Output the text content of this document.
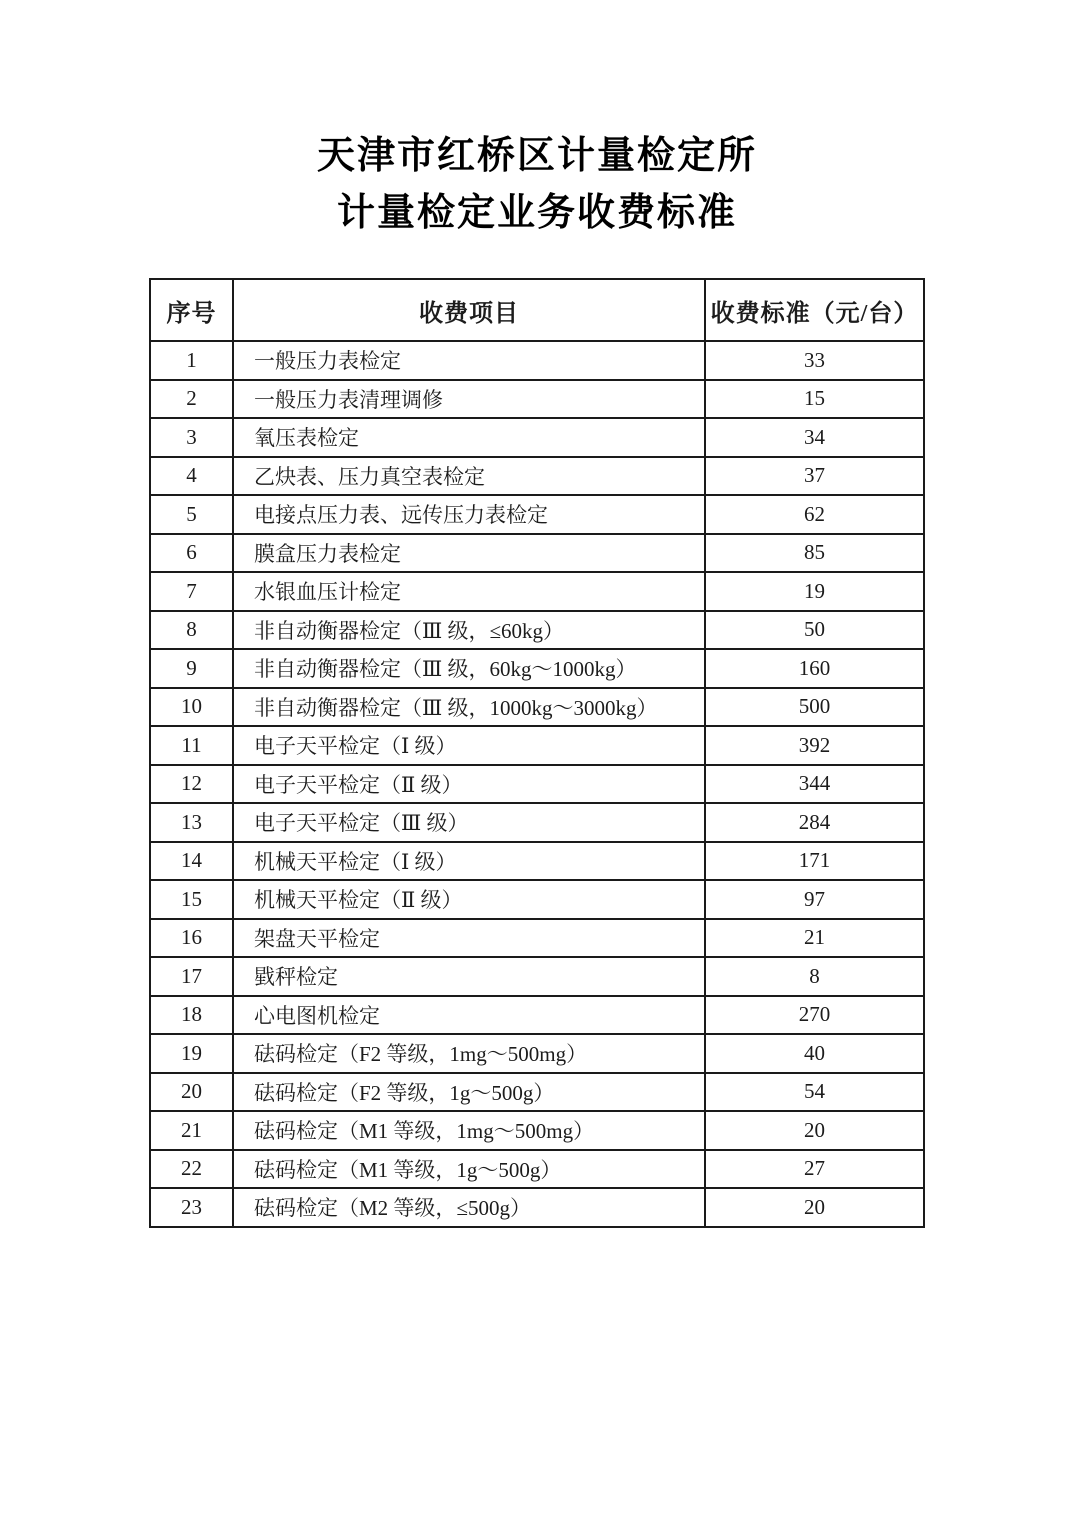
天津市红桥区计量检定所
计量检定业务收费标准
序号	收费项目	收费标准（元/台）
1	一般压力表检定	33
2	一般压力表清理调修	15
3	氧压表检定	34
4	乙炔表、压力真空表检定	37
5	电接点压力表、远传压力表检定	62
6	膜盒压力表检定	85
7	水银血压计检定	19
8	非自动衡器检定（Ⅲ 级，≤60kg）	50
9	非自动衡器检定（Ⅲ 级，60kg～1000kg）	160
10	非自动衡器检定（Ⅲ 级，1000kg～3000kg）	500
11	电子天平检定（Ⅰ 级）	392
12	电子天平检定（Ⅱ 级）	344
13	电子天平检定（Ⅲ 级）	284
14	机械天平检定（Ⅰ 级）	171
15	机械天平检定（Ⅱ 级）	97
16	架盘天平检定	21
17	戥秤检定	8
18	心电图机检定	270
19	砝码检定（F2 等级，1mg～500mg）	40
20	砝码检定（F2 等级，1g～500g）	54
21	砝码检定（M1 等级，1mg～500mg）	20
22	砝码检定（M1 等级，1g～500g）	27
23	砝码检定（M2 等级，≤500g）	20
